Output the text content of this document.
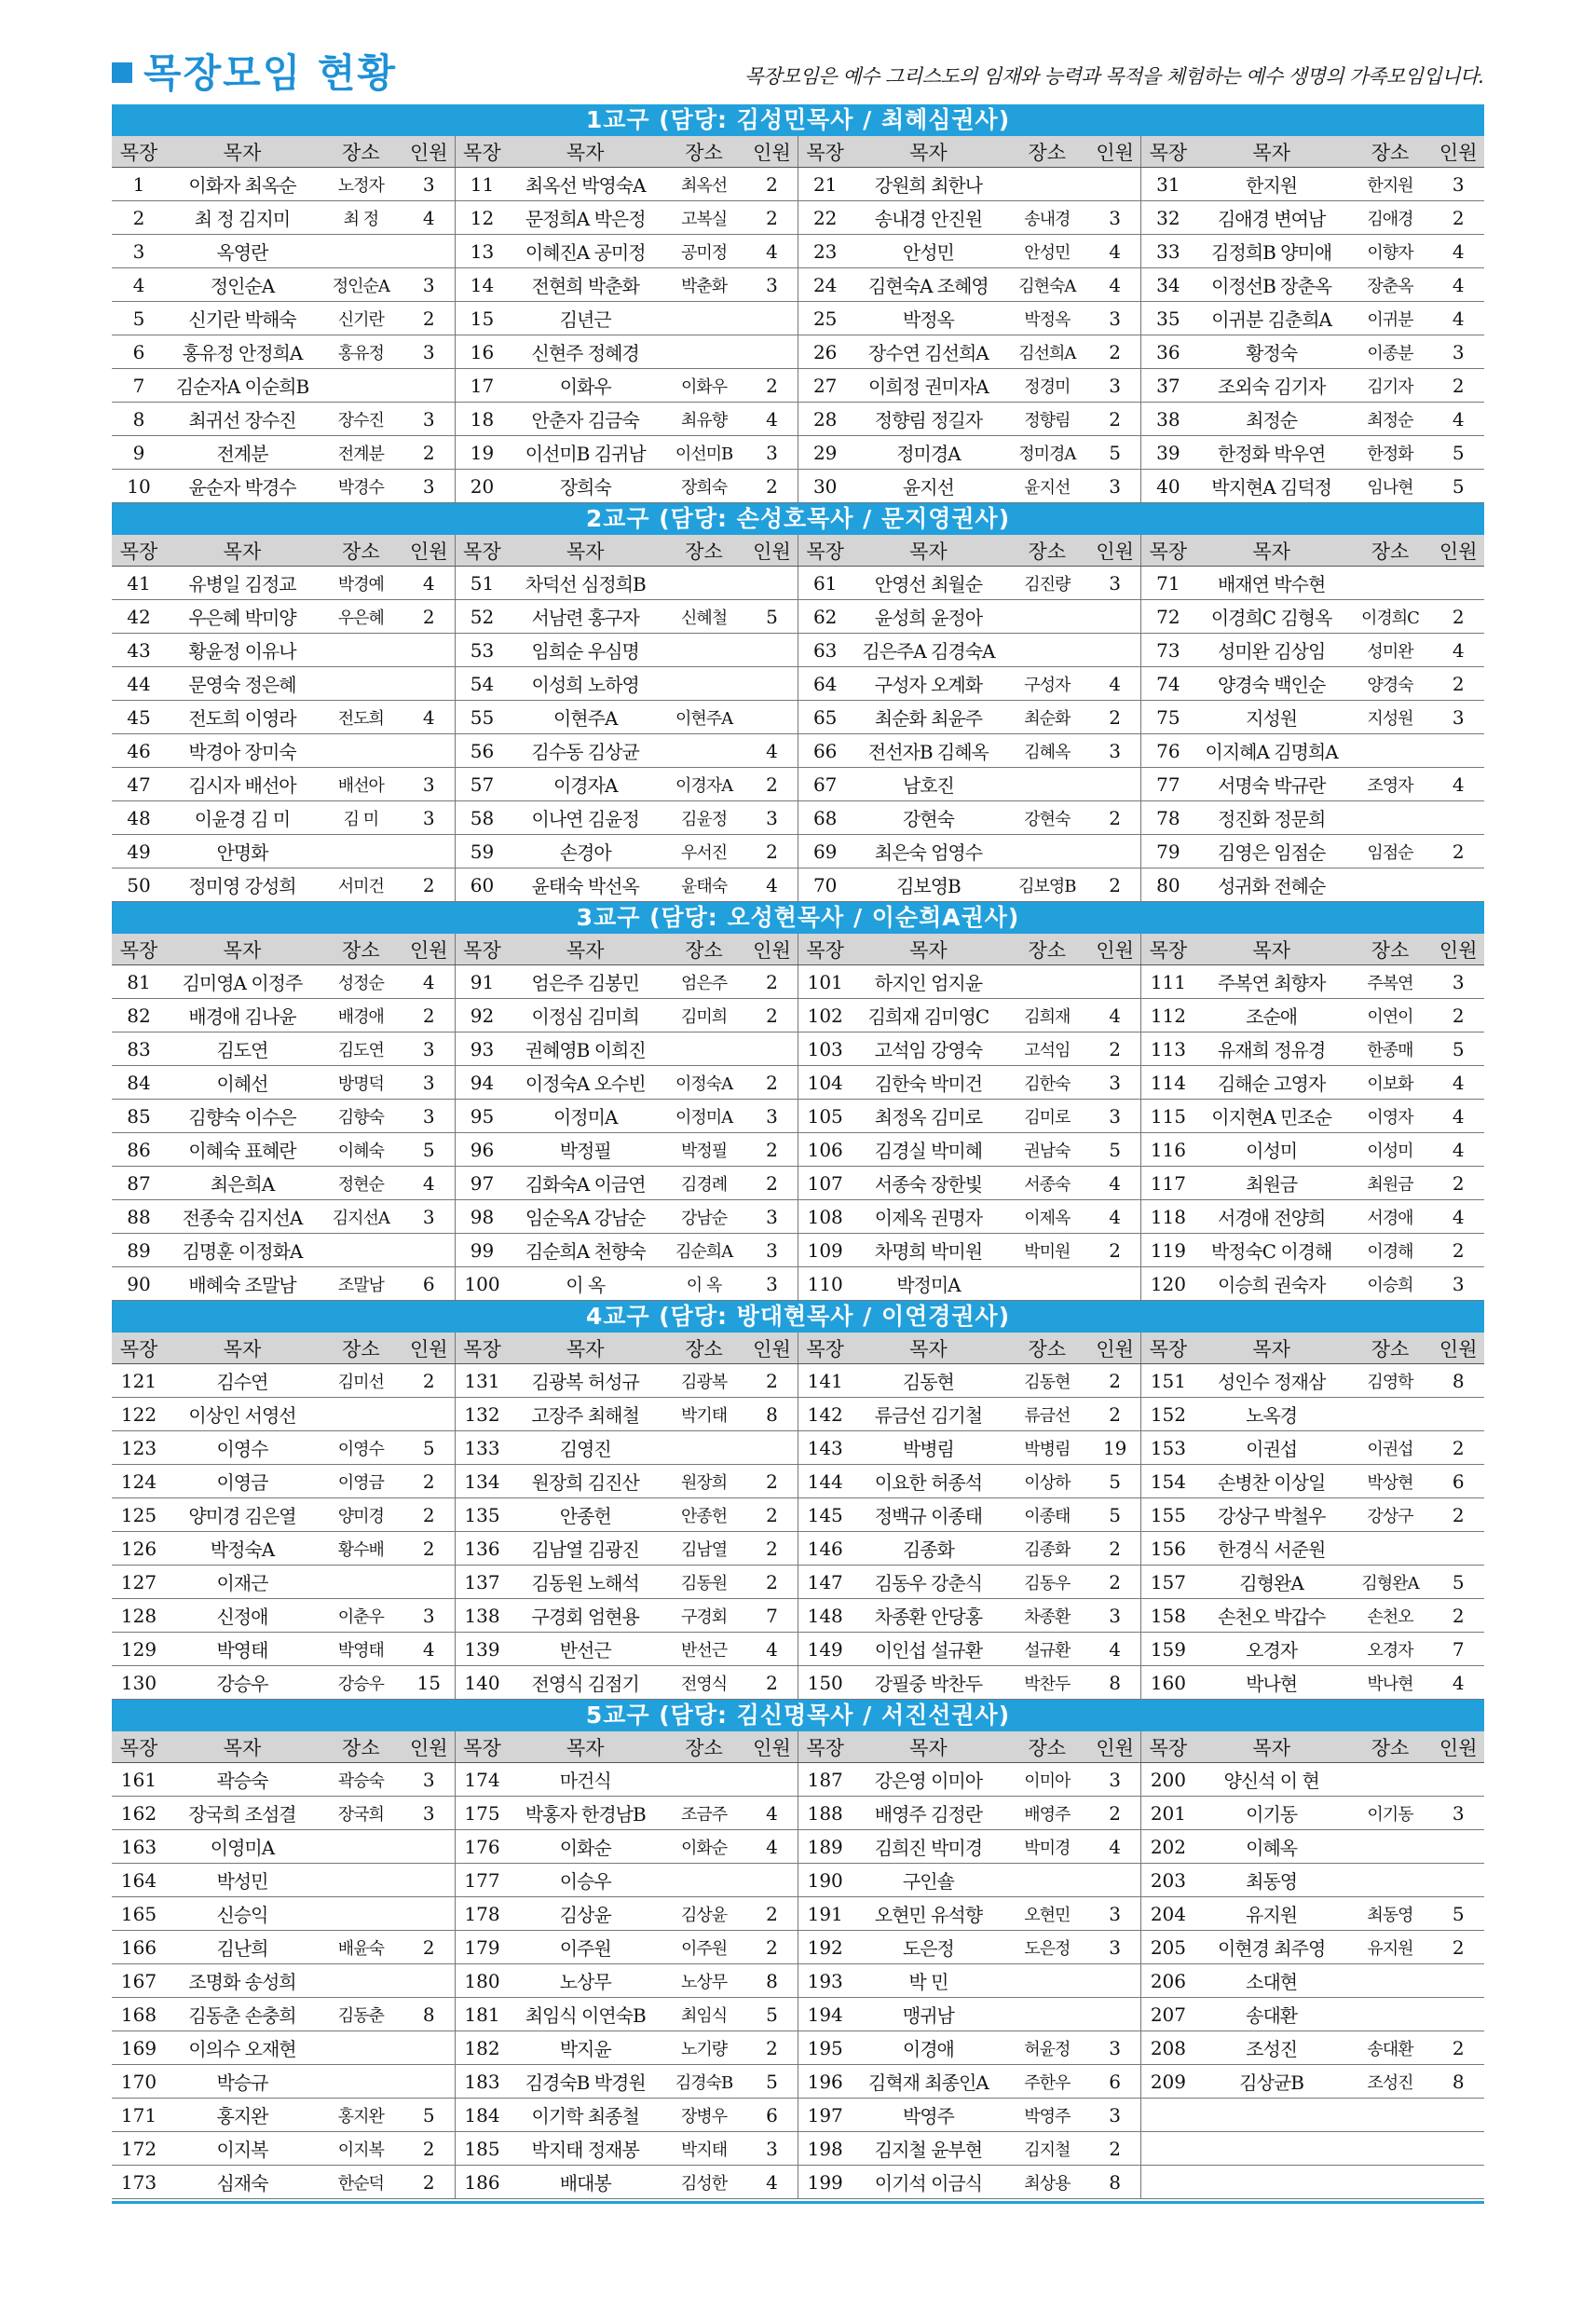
목장모임 현황	목장모임은 예수 그리스도의 임재와 능력과 목적을 체험하는 예수 생명의 가족모임입니다.
1교구 (담당: 김성민목사 / 최혜심권사)
목장	목자	장소	인원	목장	목자	장소	인원	목장	목자	장소	인원	목장	목자	장소	인원
1	이화자 최옥순	노정자	3	11	최옥선 박영숙A	최옥선	2	21	강원희 최한나			31	한지원	한지원	3
2	최 정 김지미	최 정	4	12	문정희A 박은정	고복실	2	22	송내경 안진원	송내경	3	32	김애경 변여남	김애경	2
3	옥영란			13	이혜진A 공미정	공미정	4	23	안성민	안성민	4	33	김정희B 양미애	이향자	4
4	정인순A	정인순A	3	14	전현희 박춘화	박춘화	3	24	김현숙A 조혜영	김현숙A	4	34	이정선B 장춘옥	장춘옥	4
5	신기란 박해숙	신기란	2	15	김년근			25	박정옥	박정옥	3	35	이귀분 김춘희A	이귀분	4
6	홍유정 안정희A	홍유정	3	16	신현주 정혜경			26	장수연 김선희A	김선희A	2	36	황정숙	이종분	3
7	김순자A 이순희B			17	이화우	이화우	2	27	이희정 권미자A	정경미	3	37	조외숙 김기자	김기자	2
8	최귀선 장수진	장수진	3	18	안춘자 김금숙	최유향	4	28	정향림 정길자	정향림	2	38	최정순	최정순	4
9	전계분	전계분	2	19	이선미B 김귀남	이선미B	3	29	정미경A	정미경A	5	39	한정화 박우연	한정화	5
10	윤순자 박경수	박경수	3	20	장희숙	장희숙	2	30	윤지선	윤지선	3	40	박지현A 김덕정	임나현	5
2교구 (담당: 손성호목사 / 문지영권사)
목장	목자	장소	인원	목장	목자	장소	인원	목장	목자	장소	인원	목장	목자	장소	인원
41	유병일 김정교	박경예	4	51	차덕선 심정희B			61	안영선 최월순	김진량	3	71	배재연 박수현		
42	우은혜 박미양	우은혜	2	52	서남련 홍구자	신혜철	5	62	윤성희 윤정아			72	이경희C 김형옥	이경희C	2
43	황윤정 이유나			53	임희순 우심명			63	김은주A 김경숙A			73	성미완 김상임	성미완	4
44	문영숙 정은혜			54	이성희 노하영			64	구성자 오계화	구성자	4	74	양경숙 백인순	양경숙	2
45	전도희 이영라	전도희	4	55	이현주A	이현주A		65	최순화 최윤주	최순화	2	75	지성원	지성원	3
46	박경아 장미숙			56	김수동 김상균		4	66	전선자B 김혜옥	김혜옥	3	76	이지혜A 김명희A		
47	김시자 배선아	배선아	3	57	이경자A	이경자A	2	67	남호진			77	서명숙 박규란	조영자	4
48	이윤경 김 미	김 미	3	58	이나연 김윤정	김윤정	3	68	강현숙	강현숙	2	78	정진화 정문희		
49	안명화			59	손경아	우서진	2	69	최은숙 엄영수			79	김영은 임점순	임점순	2
50	정미영 강성희	서미건	2	60	윤태숙 박선옥	윤태숙	4	70	김보영B	김보영B	2	80	성귀화 전혜순		
3교구 (담당: 오성현목사 / 이순희A권사)
목장	목자	장소	인원	목장	목자	장소	인원	목장	목자	장소	인원	목장	목자	장소	인원
81	김미영A 이정주	성정순	4	91	엄은주 김봉민	엄은주	2	101	하지인 엄지윤			111	주복연 최향자	주복연	3
82	배경애 김나윤	배경애	2	92	이정심 김미희	김미희	2	102	김희재 김미영C	김희재	4	112	조순애	이연이	2
83	김도연	김도연	3	93	권혜영B 이희진			103	고석임 강영숙	고석임	2	113	유재희 정유경	한종매	5
84	이혜선	방명덕	3	94	이정숙A 오수빈	이정숙A	2	104	김한숙 박미건	김한숙	3	114	김해순 고영자	이보화	4
85	김향숙 이수은	김향숙	3	95	이정미A	이정미A	3	105	최정옥 김미로	김미로	3	115	이지현A 민조순	이영자	4
86	이혜숙 표혜란	이혜숙	5	96	박정필	박정필	2	106	김경실 박미혜	권남숙	5	116	이성미	이성미	4
87	최은희A	정현순	4	97	김화숙A 이금연	김경례	2	107	서종숙 장한빛	서종숙	4	117	최원금	최원금	2
88	전종숙 김지선A	김지선A	3	98	임순옥A 강남순	강남순	3	108	이제옥 권명자	이제옥	4	118	서경애 전양희	서경애	4
89	김명훈 이정화A			99	김순희A 천향숙	김순희A	3	109	차명희 박미원	박미원	2	119	박정숙C 이경해	이경해	2
90	배혜숙 조말남	조말남	6	100	이 옥	이 옥	3	110	박정미A			120	이승희 권숙자	이승희	3
4교구 (담당: 방대현목사 / 이연경권사)
목장	목자	장소	인원	목장	목자	장소	인원	목장	목자	장소	인원	목장	목자	장소	인원
121	김수연	김미선	2	131	김광복 허성규	김광복	2	141	김동현	김동현	2	151	성인수 정재삼	김영학	8
122	이상인 서영선			132	고장주 최해철	박기태	8	142	류금선 김기철	류금선	2	152	노옥경		
123	이영수	이영수	5	133	김영진			143	박병림	박병림	19	153	이권섭	이권섭	2
124	이영금	이영금	2	134	원장희 김진산	원장희	2	144	이요한 허종석	이상하	5	154	손병찬 이상일	박상현	6
125	양미경 김은열	양미경	2	135	안종헌	안종헌	2	145	정백규 이종태	이종태	5	155	강상구 박철우	강상구	2
126	박정숙A	황수배	2	136	김남열 김광진	김남열	2	146	김종화	김종화	2	156	한경식 서준원		
127	이재근			137	김동원 노해석	김동원	2	147	김동우 강춘식	김동우	2	157	김형완A	김형완A	5
128	신정애	이춘우	3	138	구경회 엄현용	구경회	7	148	차종환 안당홍	차종환	3	158	손천오 박갑수	손천오	2
129	박영태	박영태	4	139	반선근	반선근	4	149	이인섭 설규환	설규환	4	159	오경자	오경자	7
130	강승우	강승우	15	140	전영식 김점기	전영식	2	150	강필중 박찬두	박찬두	8	160	박나현	박나현	4
5교구 (담당: 김신명목사 / 서진선권사)
목장	목자	장소	인원	목장	목자	장소	인원	목장	목자	장소	인원	목장	목자	장소	인원
161	곽승숙	곽승숙	3	174	마건식			187	강은영 이미아	이미아	3	200	양신석 이 현		
162	장국희 조섬결	장국희	3	175	박홍자 한경남B	조금주	4	188	배영주 김정란	배영주	2	201	이기동	이기동	3
163	이영미A			176	이화순	이화순	4	189	김희진 박미경	박미경	4	202	이혜옥		
164	박성민			177	이승우			190	구인숄			203	최동영		
165	신승익			178	김상윤	김상윤	2	191	오현민 유석향	오현민	3	204	유지원	최동영	5
166	김난희	배윤숙	2	179	이주원	이주원	2	192	도은정	도은정	3	205	이현경 최주영	유지원	2
167	조명화 송성희			180	노상무	노상무	8	193	박 민			206	소대현		
168	김동춘 손충희	김동춘	8	181	최임식 이연숙B	최임식	5	194	맹귀남			207	송대환		
169	이의수 오재현			182	박지윤	노기량	2	195	이경애	허윤정	3	208	조성진	송대환	2
170	박승규			183	김경숙B 박경원	김경숙B	5	196	김혁재 최종인A	주한우	6	209	김상균B	조성진	8
171	홍지완	홍지완	5	184	이기학 최종철	장병우	6	197	박영주	박영주	3				
172	이지복	이지복	2	185	박지태 정재봉	박지태	3	198	김지철 윤부현	김지철	2				
173	심재숙	한순덕	2	186	배대봉	김성한	4	199	이기석 이금식	최상용	8				
